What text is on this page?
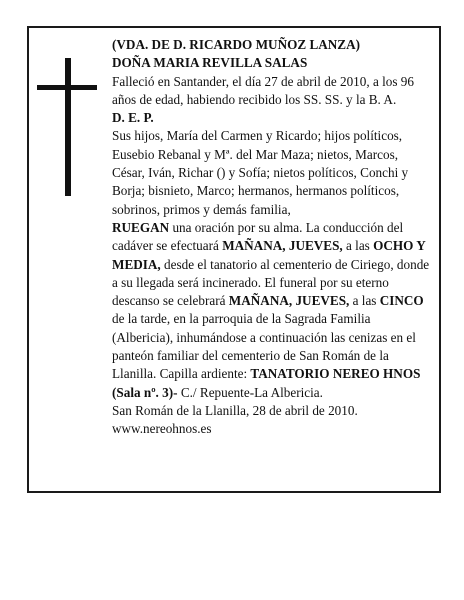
(VDA. DE D. RICARDO MUÑOZ LANZA)

DOÑA MARIA REVILLA SALAS

Falleció en Santander, el día 27 de abril de 2010, a los 96 años de edad, habiendo recibido los SS. SS. y la B. A.

D. E. P.

Sus hijos, María del Carmen y Ricardo; hijos políticos, Eusebio Rebanal y Mª. del Mar Maza; nietos, Marcos, César, Iván, Richar () y Sofía; nietos políticos, Conchi y Borja; bisnieto, Marco; hermanos, hermanos políticos, sobrinos, primos y demás familia,

RUEGAN una oración por su alma. La conducción del cadáver se efectuará MAÑANA, JUEVES, a las OCHO Y MEDIA, desde el tanatorio al cementerio de Ciriego, donde a su llegada será incinerado. El funeral por su eterno descanso se celebrará MAÑANA, JUEVES, a las CINCO de la tarde, en la parroquia de la Sagrada Familia (Albericia), inhumándose a continuación las cenizas en el panteón familiar del cementerio de San Román de la Llanilla. Capilla ardiente: TANATORIO NEREO HNOS (Sala nº. 3)- C./ Repuente-La Albericia.

San Román de la Llanilla, 28 de abril de 2010.

www.nereohnos.es
